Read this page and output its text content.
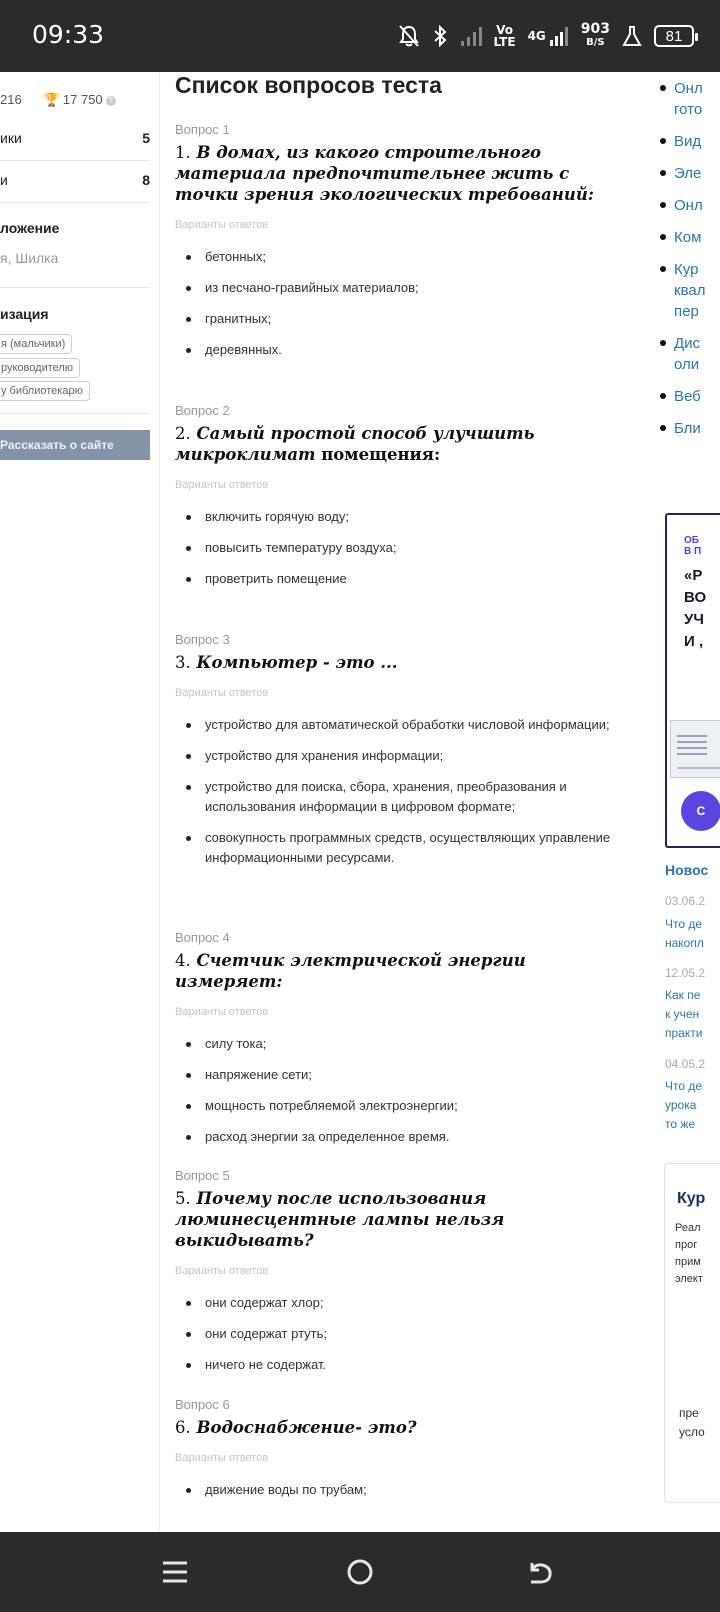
09:33	Vo
LTE 4G	903
B/S	81
216 🏆 17 750 ?
ики	5
и	8
ложение
я, Шилка
изация
я (мальчики)
руководителю
у библиотекарю
Рассказать о сайте
Список вопросов теста
Вопрос 1
1. В домах, из какого строительного материала предпочтительнее жить с точки зрения экологических требований:
Варианты ответов
бетонных;
из песчано-гравийных материалов;
гранитных;
деревянных.
Вопрос 2
2. Самый простой способ улучшить микроклимат помещения:
Варианты ответов
включить горячую воду;
повысить температуру воздуха;
проветрить помещение
Вопрос 3
3. Компьютер - это ...
Варианты ответов
устройство для автоматической обработки числовой информации;
устройство для хранения информации;
устройство для поиска, сбора, хранения, преобразования и использования информации в цифровом формате;
совокупность программных средств, осуществляющих управление информационными ресурсами.
Вопрос 4
4. Счетчик электрической энергии измеряет:
Варианты ответов
силу тока;
напряжение сети;
мощность потребляемой электроэнергии;
расход энергии за определенное время.
Вопрос 5
5. Почему после использования люминесцентные лампы нельзя выкидывать?
Варианты ответов
они содержат хлор;
они содержат ртуть;
ничего не содержат.
Вопрос 6
6. Водоснабжение- это?
Варианты ответов
движение воды по трубам;
Онл
гото
Вид
Эле
Онл
Ком
Кур
квал
пер
Дис
оли
Веб
Бли
ОБ
В П
«Р
ВО
УЧ
И ,
С
Новос
03.06.2
Что де
накопл
12.05.2
Как пе
к учен
практи
04.05.2
Что де
урока
то же
Кур
Реал
прог
прим
элект
пре
усло
